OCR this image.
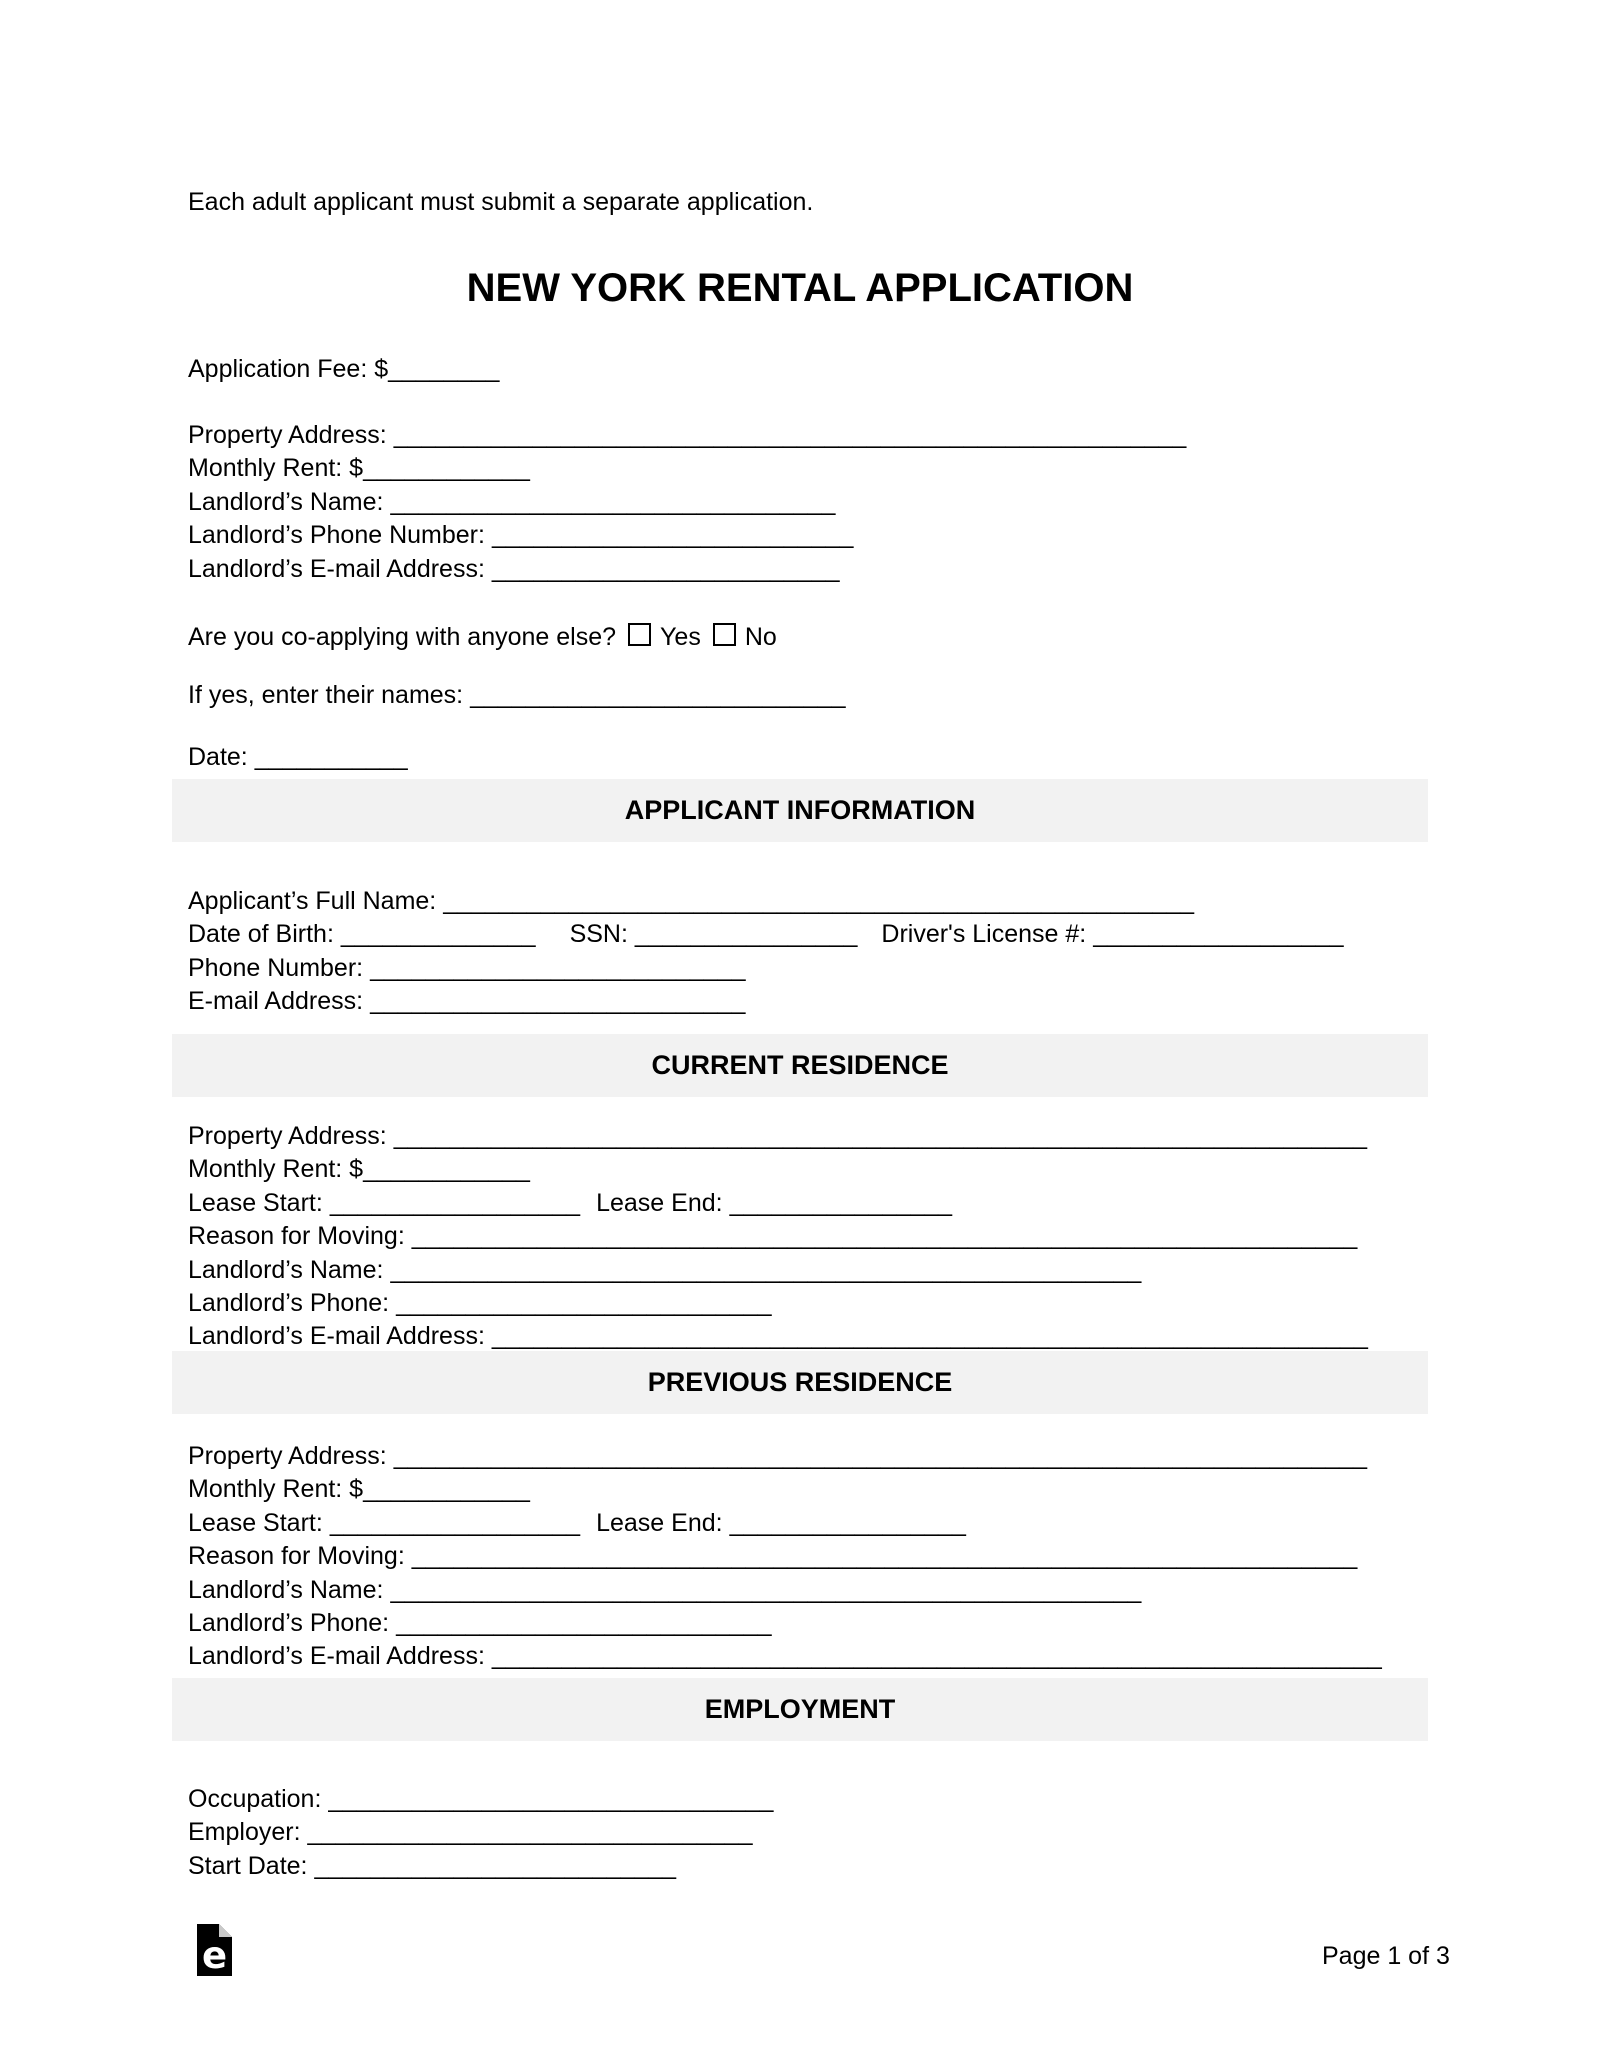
Each adult applicant must submit a separate application.
NEW YORK RENTAL APPLICATION
Application Fee: $________
Property Address: _________________________________________________________
Monthly Rent: $____________
Landlord’s Name: ________________________________
Landlord’s Phone Number: __________________________
Landlord’s E-mail Address: _________________________
Are you co-applying with anyone else? Yes No
If yes, enter their names: ___________________________
Date: ___________
APPLICANT INFORMATION
Applicant’s Full Name: ______________________________________________________
Date of Birth: ______________ SSN: ________________ Driver's License #: __________________
Phone Number: ___________________________
E-mail Address: ___________________________
CURRENT RESIDENCE
Property Address: ______________________________________________________________________
Monthly Rent: $____________
Lease Start: __________________ Lease End: ________________
Reason for Moving: ____________________________________________________________________
Landlord’s Name: ______________________________________________________
Landlord’s Phone: ___________________________
Landlord’s E-mail Address: _______________________________________________________________
PREVIOUS RESIDENCE
Property Address: ______________________________________________________________________
Monthly Rent: $____________
Lease Start: __________________ Lease End: _________________
Reason for Moving: ____________________________________________________________________
Landlord’s Name: ______________________________________________________
Landlord’s Phone: ___________________________
Landlord’s E-mail Address: ________________________________________________________________
EMPLOYMENT
Occupation: ________________________________
Employer: ________________________________
Start Date: __________________________
e	Page 1 of 3
